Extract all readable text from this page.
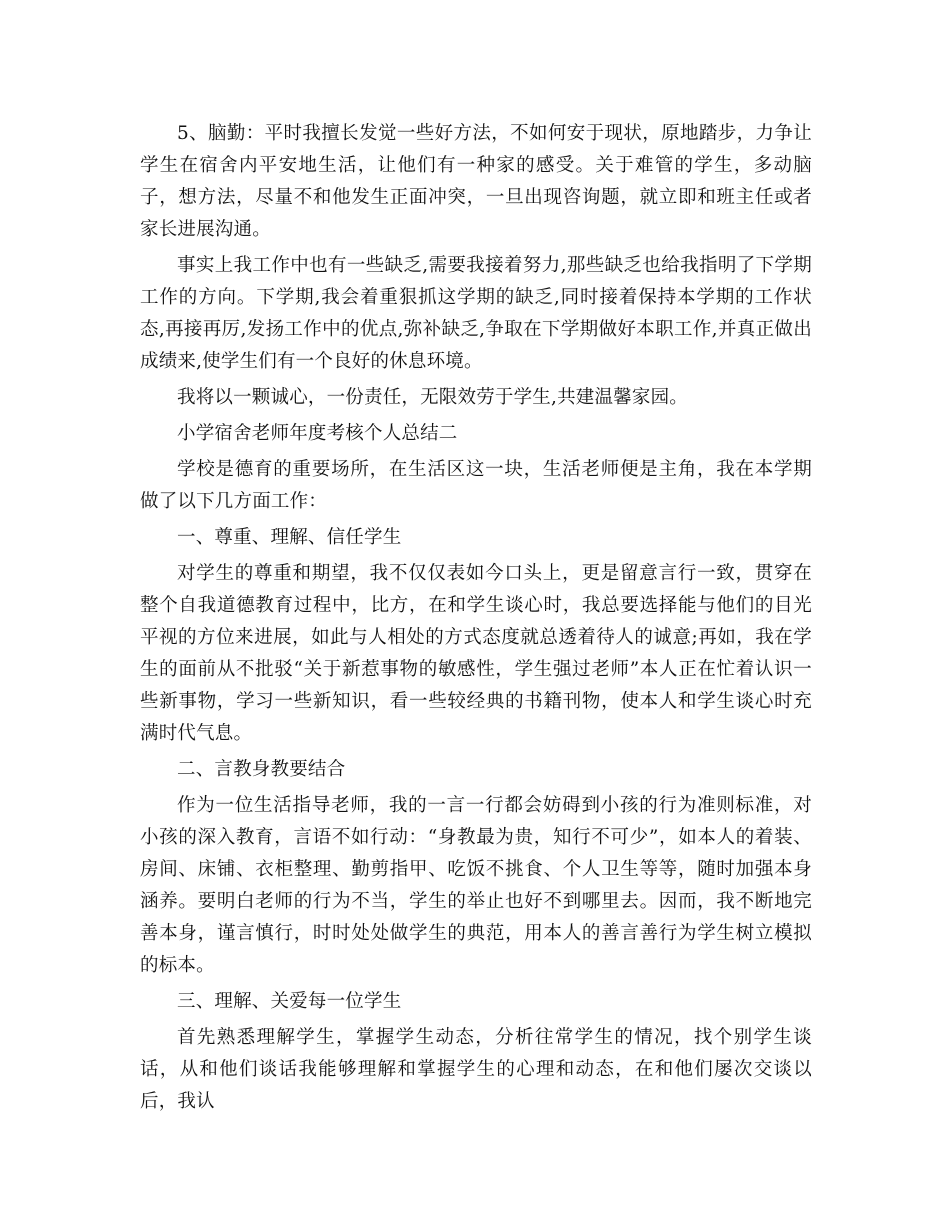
5、脑勤：平时我擅长发觉一些好方法，不如何安于现状，原地踏步，力争让学生在宿舍内平安地生活，让他们有一种家的感受。关于难管的学生，多动脑子，想方法，尽量不和他发生正面冲突，一旦出现咨询题，就立即和班主任或者家长进展沟通。

事实上我工作中也有一些缺乏,需要我接着努力,那些缺乏也给我指明了下学期工作的方向。下学期,我会着重狠抓这学期的缺乏,同时接着保持本学期的工作状态,再接再厉,发扬工作中的优点,弥补缺乏,争取在下学期做好本职工作,并真正做出成绩来,使学生们有一个良好的休息环境。

我将以一颗诚心，一份责任，无限效劳于学生,共建温馨家园。

小学宿舍老师年度考核个人总结二

学校是德育的重要场所，在生活区这一块，生活老师便是主角，我在本学期做了以下几方面工作：

一、尊重、理解、信任学生

对学生的尊重和期望，我不仅仅表如今口头上，更是留意言行一致，贯穿在整个自我道德教育过程中，比方，在和学生谈心时，我总要选择能与他们的目光平视的方位来进展，如此与人相处的方式态度就总透着待人的诚意;再如，我在学生的面前从不批驳“关于新惹事物的敏感性，学生强过老师”本人正在忙着认识一些新事物，学习一些新知识，看一些较经典的书籍刊物，使本人和学生谈心时充满时代气息。

二、言教身教要结合

作为一位生活指导老师，我的一言一行都会妨碍到小孩的行为准则标准，对小孩的深入教育，言语不如行动：“身教最为贵，知行不可少”，如本人的着装、房间、床铺、衣柜整理、勤剪指甲、吃饭不挑食、个人卫生等等，随时加强本身涵养。要明白老师的行为不当，学生的举止也好不到哪里去。因而，我不断地完善本身，谨言慎行，时时处处做学生的典范，用本人的善言善行为学生树立模拟的标本。

三、理解、关爱每一位学生

首先熟悉理解学生，掌握学生动态，分析往常学生的情况，找个别学生谈话，从和他们谈话我能够理解和掌握学生的心理和动态，在和他们屡次交谈以后，我认
